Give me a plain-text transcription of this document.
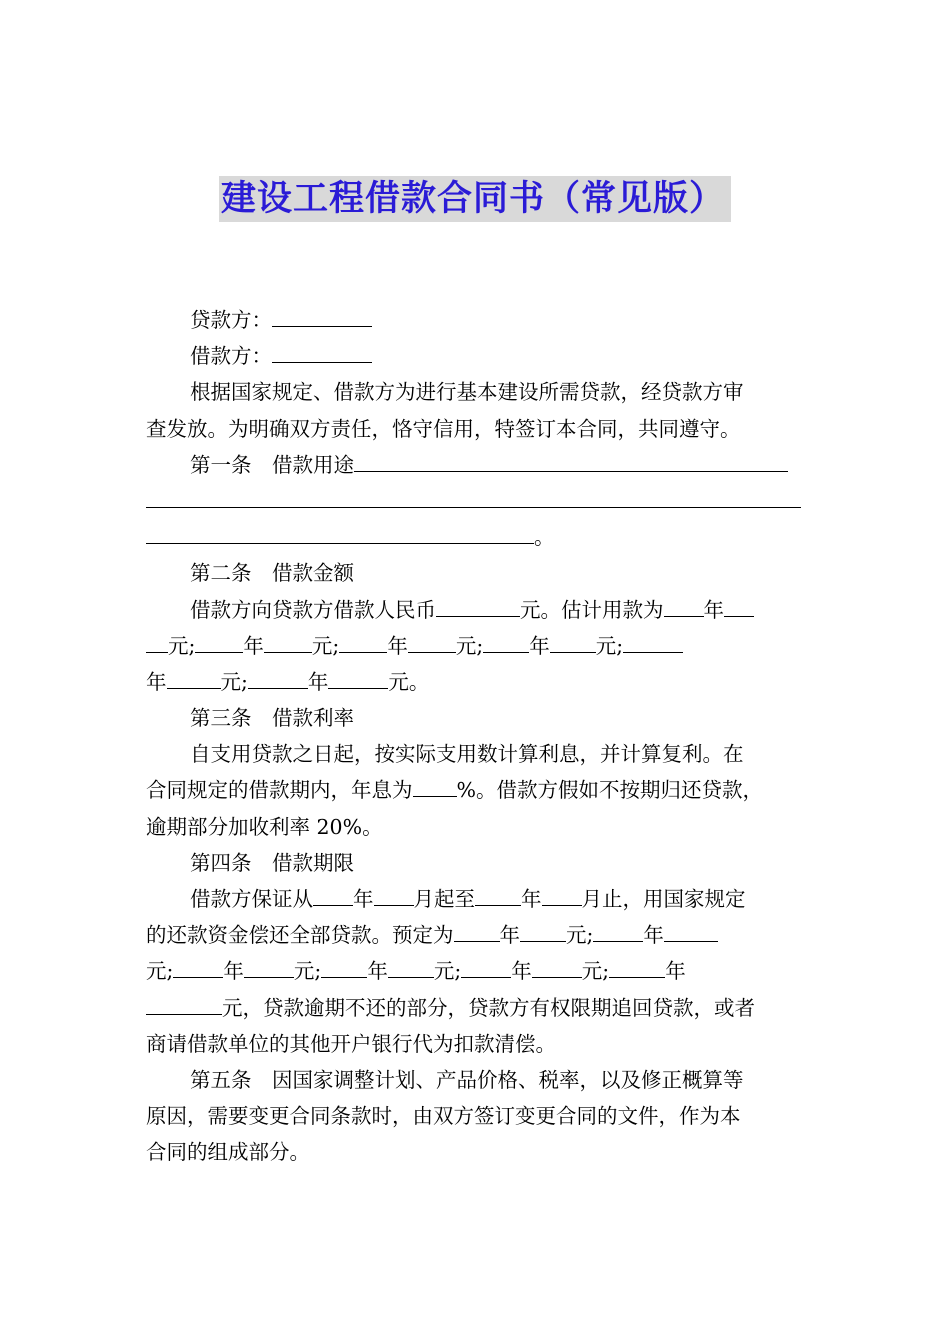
建设工程借款合同书（常见版）
贷款方：
借款方：
根据国家规定、借款方为进行基本建设所需贷款，经贷款方审
查发放。为明确双方责任，恪守信用，特签订本合同，共同遵守。
第一条　借款用途
。
第二条　借款金额
借款方向贷款方借款人民币	元。估计用款为 年
元; 年 元; 年 元; 年 元;
年	元;	年	元。
第三条　借款利率
自支用贷款之日起，按实际支用数计算利息，并计算复利。在
合同规定的借款期内，年息为 %。借款方假如不按期归还贷款，
逾期部分加收利率 20%。
第四条　借款期限
借款方保证从 年 月起至 年 月止，用国家规定
的还款资金偿还全部贷款。预定为 年 元; 年
元; 年 元; 年 元; 年 元;	年
元，贷款逾期不还的部分，贷款方有权限期追回贷款，或者
商请借款单位的其他开户银行代为扣款清偿。
第五条　因国家调整计划、产品价格、税率，以及修正概算等
原因，需要变更合同条款时，由双方签订变更合同的文件，作为本
合同的组成部分。
